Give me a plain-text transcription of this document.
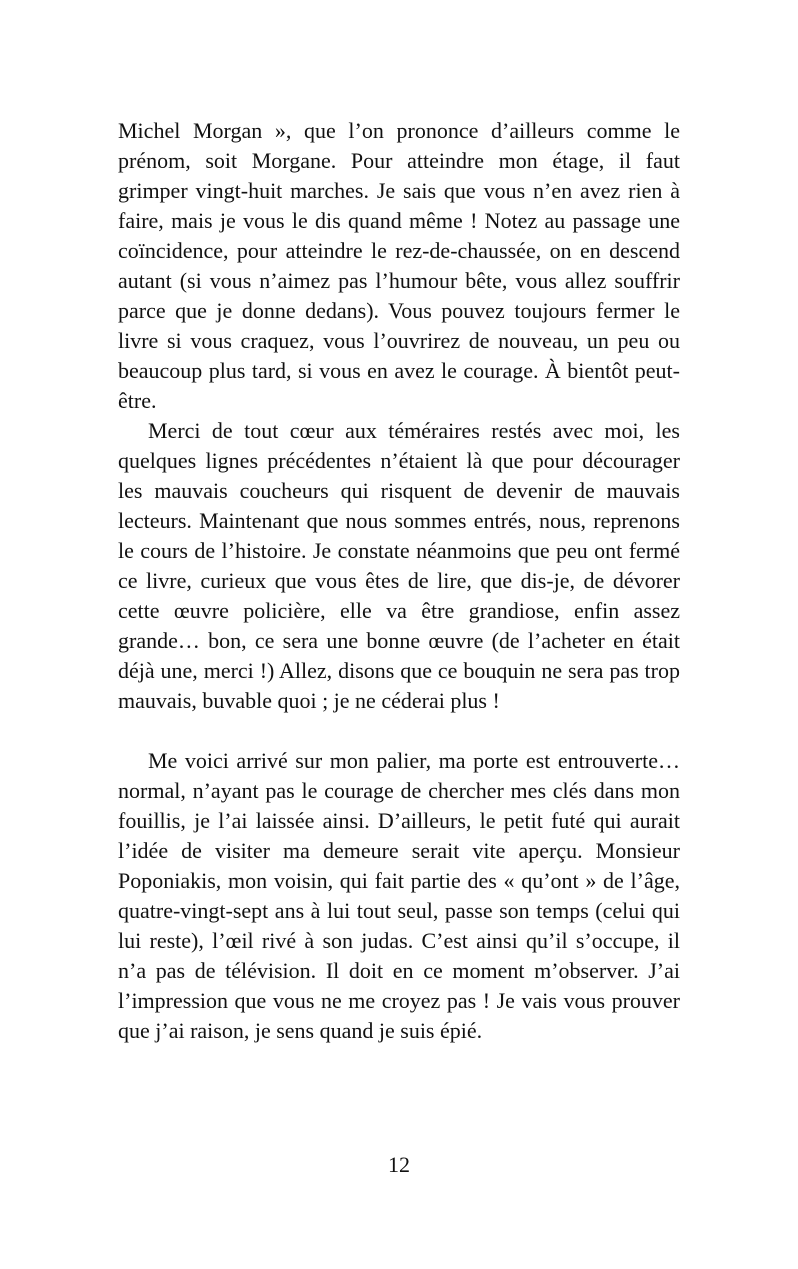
Michel Morgan », que l’on prononce d’ailleurs comme le prénom, soit Morgane. Pour atteindre mon étage, il faut grimper vingt-huit marches. Je sais que vous n’en avez rien à faire, mais je vous le dis quand même ! Notez au passage une coïncidence, pour atteindre le rez-de-chaussée, on en descend autant (si vous n’aimez pas l’humour bête, vous allez souffrir parce que je donne dedans). Vous pouvez toujours fermer le livre si vous craquez, vous l’ouvrirez de nouveau, un peu ou beaucoup plus tard, si vous en avez le courage. À bientôt peut-être.

Merci de tout cœur aux téméraires restés avec moi, les quelques lignes précédentes n’étaient là que pour décourager les mauvais coucheurs qui risquent de devenir de mauvais lecteurs. Maintenant que nous sommes entrés, nous, reprenons le cours de l’histoire. Je constate néanmoins que peu ont fermé ce livre, curieux que vous êtes de lire, que dis-je, de dévorer cette œuvre policière, elle va être grandiose, enfin assez grande… bon, ce sera une bonne œuvre (de l’acheter en était déjà une, merci !) Allez, disons que ce bouquin ne sera pas trop mauvais, buvable quoi ; je ne céderai plus !

Me voici arrivé sur mon palier, ma porte est entrouverte… normal, n’ayant pas le courage de chercher mes clés dans mon fouillis, je l’ai laissée ainsi. D’ailleurs, le petit futé qui aurait l’idée de visiter ma demeure serait vite aperçu. Monsieur Poponiakis, mon voisin, qui fait partie des « qu’ont » de l’âge, quatre-vingt-sept ans à lui tout seul, passe son temps (celui qui lui reste), l’œil rivé à son judas. C’est ainsi qu’il s’occupe, il n’a pas de télévision. Il doit en ce moment m’observer. J’ai l’impression que vous ne me croyez pas ! Je vais vous prouver que j’ai raison, je sens quand je suis épié.

12
